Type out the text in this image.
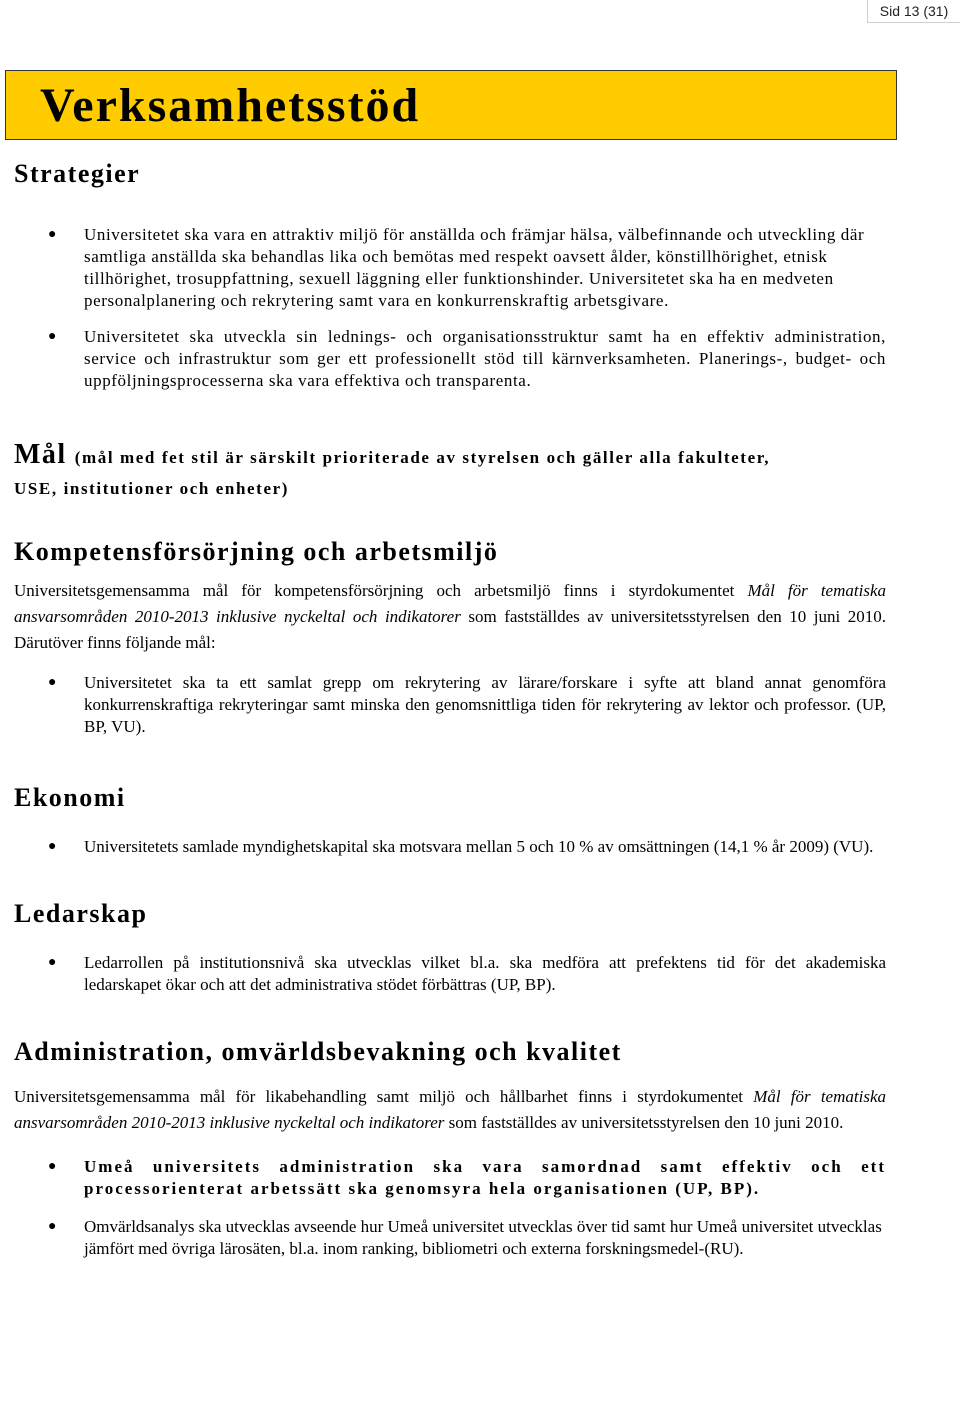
Sid 13 (31)
Verksamhetsstöd
Strategier
● Universitetet ska vara en attraktiv miljö för anställda och främjar hälsa, välbefinnande och utveckling där samtliga anställda ska behandlas lika och bemötas med respekt oavsett ålder, könstillhörighet, etnisk tillhörighet, trosuppfattning, sexuell läggning eller funktionshinder. Universitetet ska ha en medveten personalplanering och rekrytering samt vara en konkurrenskraftig arbetsgivare.
● Universitetet ska utveckla sin lednings- och organisationsstruktur samt ha en effektiv administration, service och infrastruktur som ger ett professionellt stöd till kärnverksamheten. Planerings-, budget- och uppföljningsprocesserna ska vara effektiva och transparenta.
Mål (mål med fet stil är särskilt prioriterade av styrelsen och gäller alla fakulteter,
USE, institutioner och enheter)
Kompetensförsörjning och arbetsmiljö

Universitetsgemensamma mål för kompetensförsörjning och arbetsmiljö finns i styrdokumentet Mål för tematiska ansvarsområden 2010-2013 inklusive nyckeltal och indikatorer som fastställdes av universitetsstyrelsen den 10 juni 2010. Därutöver finns följande mål:

● Universitetet ska ta ett samlat grepp om rekrytering av lärare/forskare i syfte att bland annat genomföra konkurrenskraftiga rekryteringar samt minska den genomsnittliga tiden för rekrytering av lektor och professor. (UP, BP, VU).
Ekonomi
● Universitetets samlade myndighetskapital ska motsvara mellan 5 och 10 % av omsättningen (14,1 % år 2009) (VU).
Ledarskap
● Ledarrollen på institutionsnivå ska utvecklas vilket bl.a. ska medföra att prefektens tid för det akademiska ledarskapet ökar och att det administrativa stödet förbättras (UP, BP).
Administration, omvärldsbevakning och kvalitet

Universitetsgemensamma mål för likabehandling samt miljö och hållbarhet finns i styrdokumentet Mål för tematiska ansvarsområden 2010-2013 inklusive nyckeltal och indikatorer som fastställdes av universitetsstyrelsen den 10 juni 2010.

● Umeå universitets administration ska vara samordnad samt effektiv och ett processorienterat arbetssätt ska genomsyra hela organisationen (UP, BP).
● Omvärldsanalys ska utvecklas avseende hur Umeå universitet utvecklas över tid samt hur Umeå universitet utvecklas jämfört med övriga lärosäten, bl.a. inom ranking, bibliometri och externa forskningsmedel-(RU).
